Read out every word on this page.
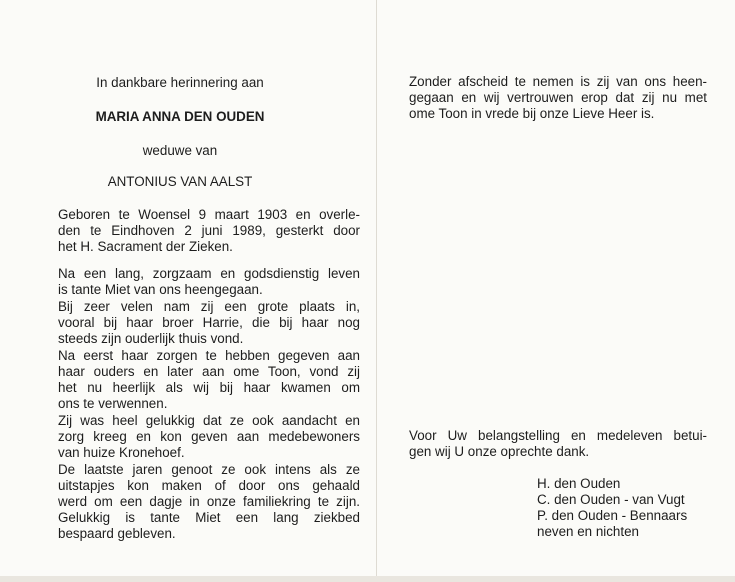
In dankbare herinnering aan
MARIA ANNA DEN OUDEN
weduwe van
ANTONIUS VAN AALST
Geboren te Woensel 9 maart 1903 en overle-
den te Eindhoven 2 juni 1989, gesterkt door
het H. Sacrament der Zieken.
Na een lang, zorgzaam en godsdienstig leven
is tante Miet van ons heengegaan.
Bij zeer velen nam zij een grote plaats in,
vooral bij haar broer Harrie, die bij haar nog
steeds zijn ouderlijk thuis vond.
Na eerst haar zorgen te hebben gegeven aan
haar ouders en later aan ome Toon, vond zij
het nu heerlijk als wij bij haar kwamen om
ons te verwennen.
Zij was heel gelukkig dat ze ook aandacht en
zorg kreeg en kon geven aan medebewoners
van huize Kronehoef.
De laatste jaren genoot ze ook intens als ze
uitstapjes kon maken of door ons gehaald
werd om een dagje in onze familiekring te zijn.
Gelukkig is tante Miet een lang ziekbed
bespaard gebleven.
Zonder afscheid te nemen is zij van ons heen-
gegaan en wij vertrouwen erop dat zij nu met
ome Toon in vrede bij onze Lieve Heer is.
Voor Uw belangstelling en medeleven betui-
gen wij U onze oprechte dank.
H. den Ouden
C. den Ouden - van Vugt
P. den Ouden - Bennaars
neven en nichten
